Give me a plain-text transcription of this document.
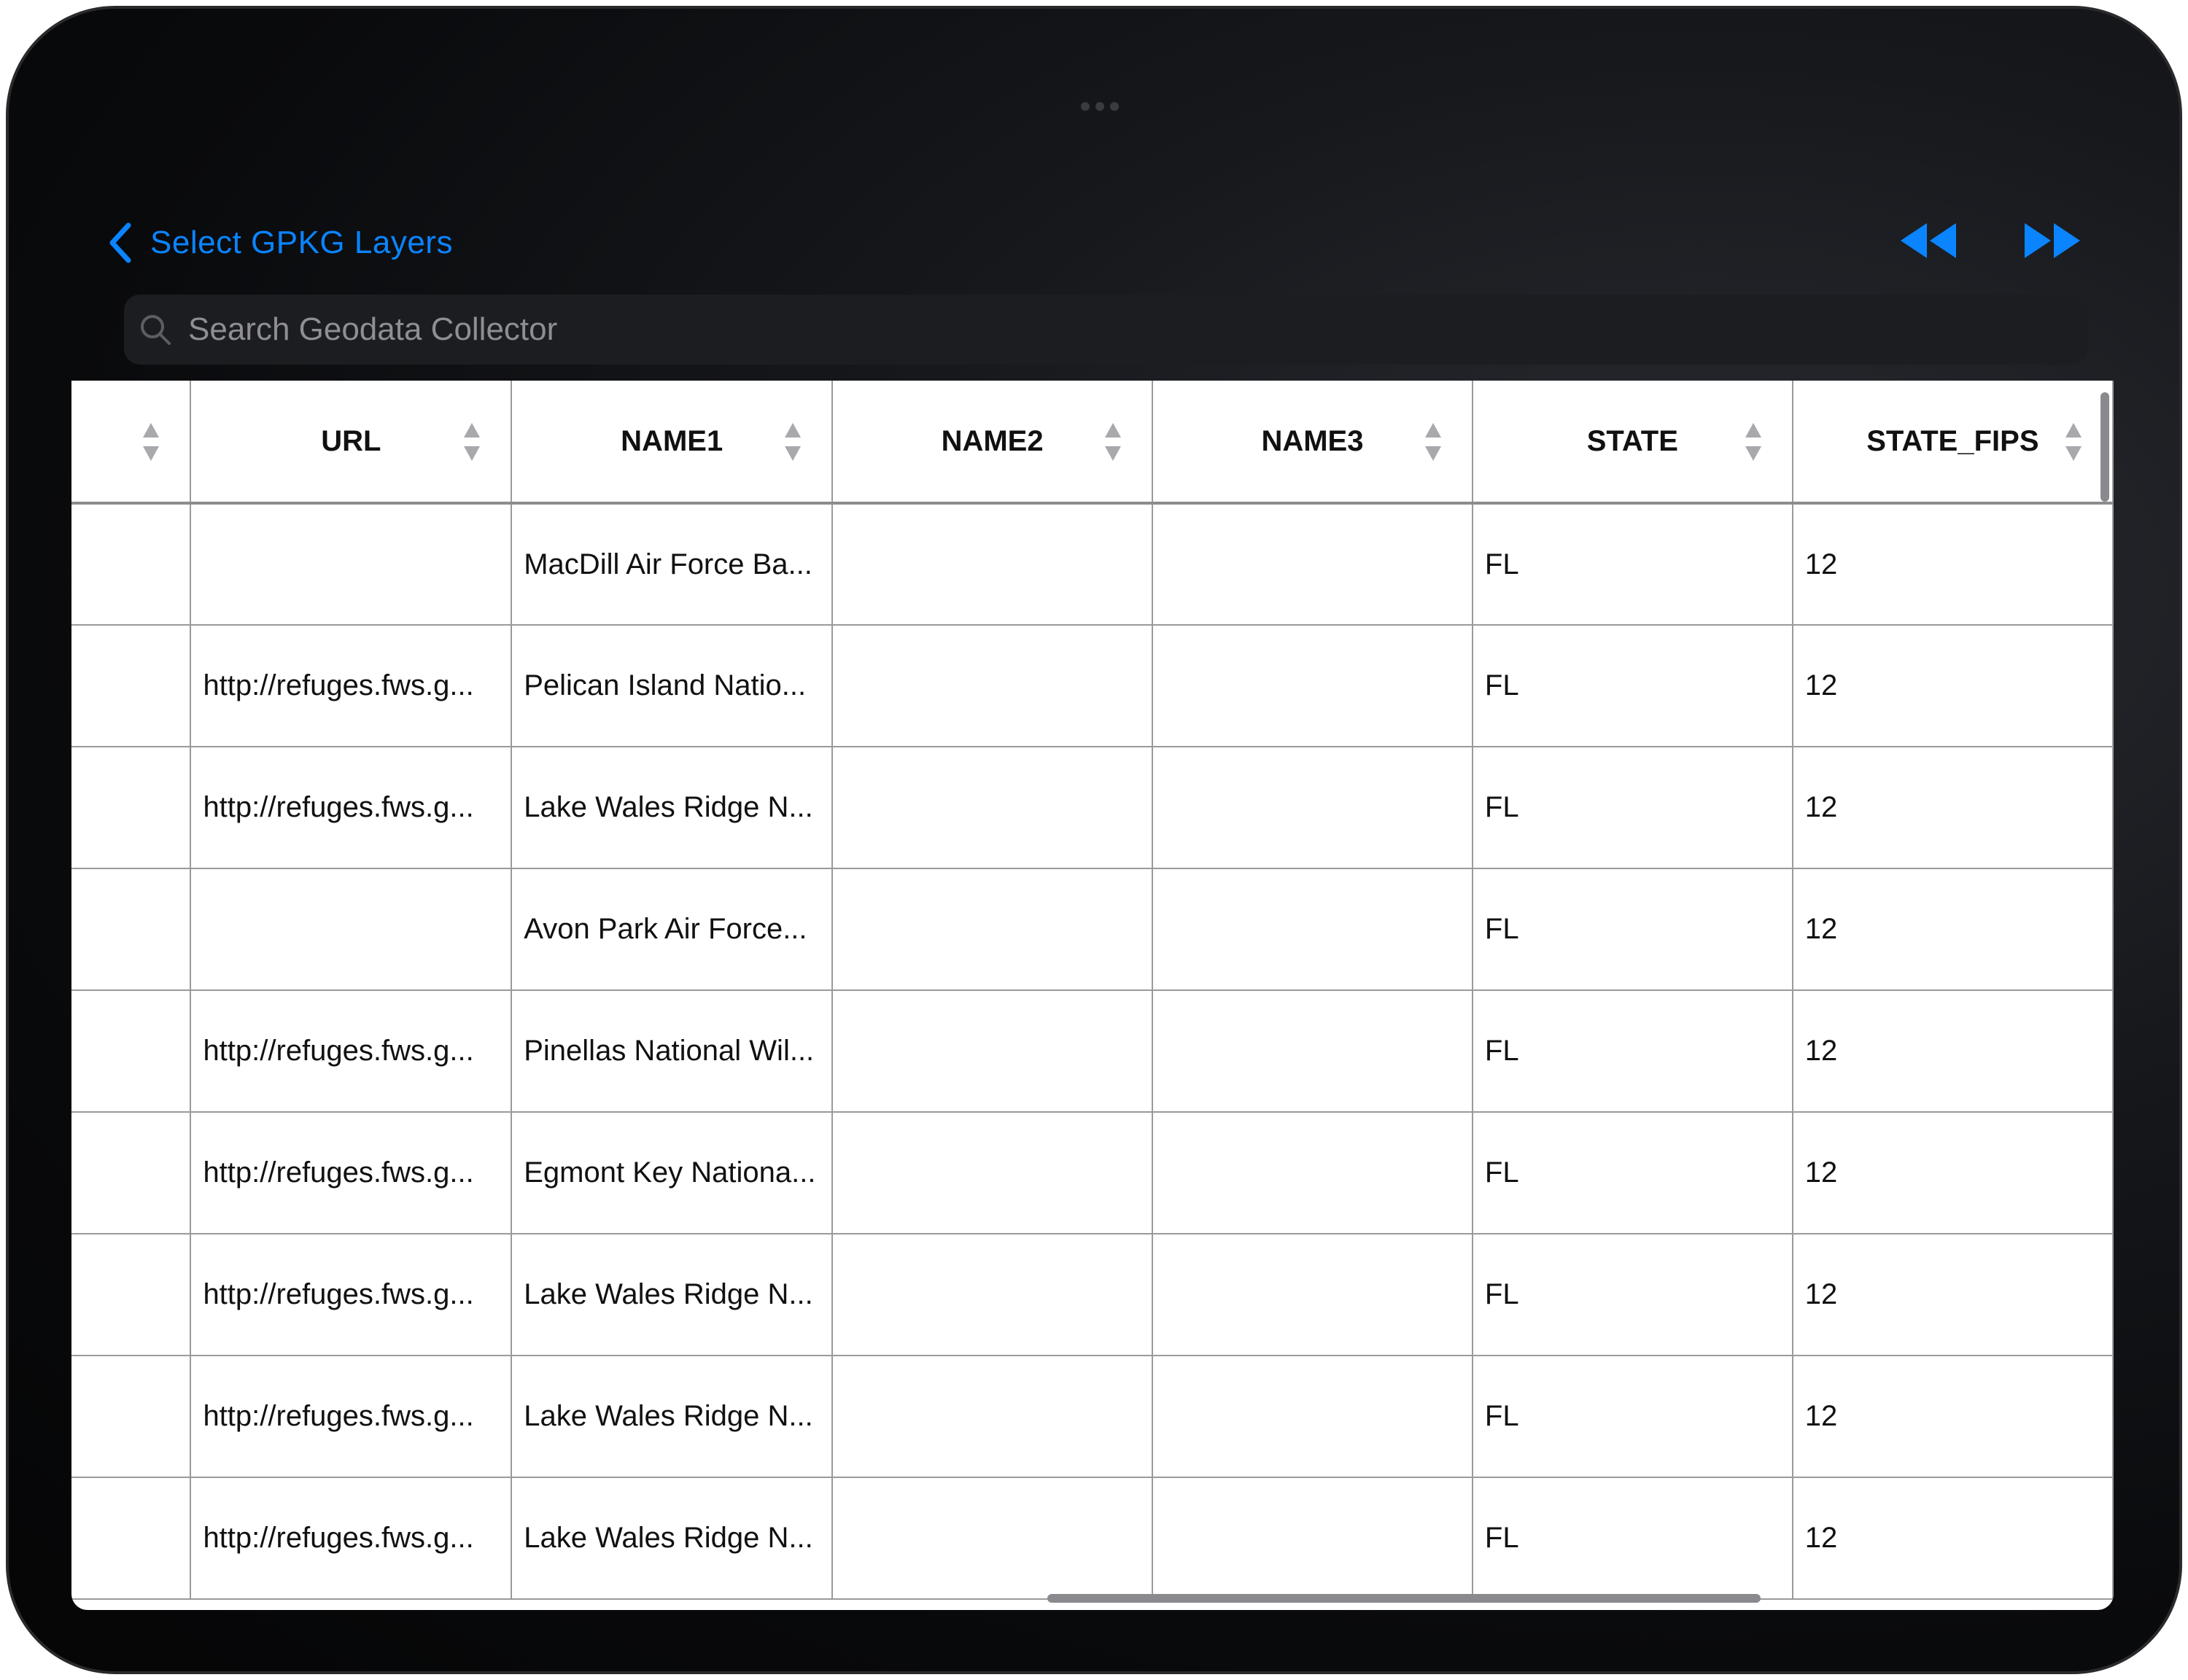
Select GPKG Layers
Search Geodata Collector
	URL	NAME1	NAME2	NAME3	STATE	STATE_FIPS

		MacDill Air Force Ba...			FL	12
	http://refuges.fws.g...	Pelican Island Natio...			FL	12
	http://refuges.fws.g...	Lake Wales Ridge N...			FL	12
		Avon Park Air Force...			FL	12
	http://refuges.fws.g...	Pinellas National Wil...			FL	12
	http://refuges.fws.g...	Egmont Key Nationa...			FL	12
	http://refuges.fws.g...	Lake Wales Ridge N...			FL	12
	http://refuges.fws.g...	Lake Wales Ridge N...			FL	12
	http://refuges.fws.g...	Lake Wales Ridge N...			FL	12
